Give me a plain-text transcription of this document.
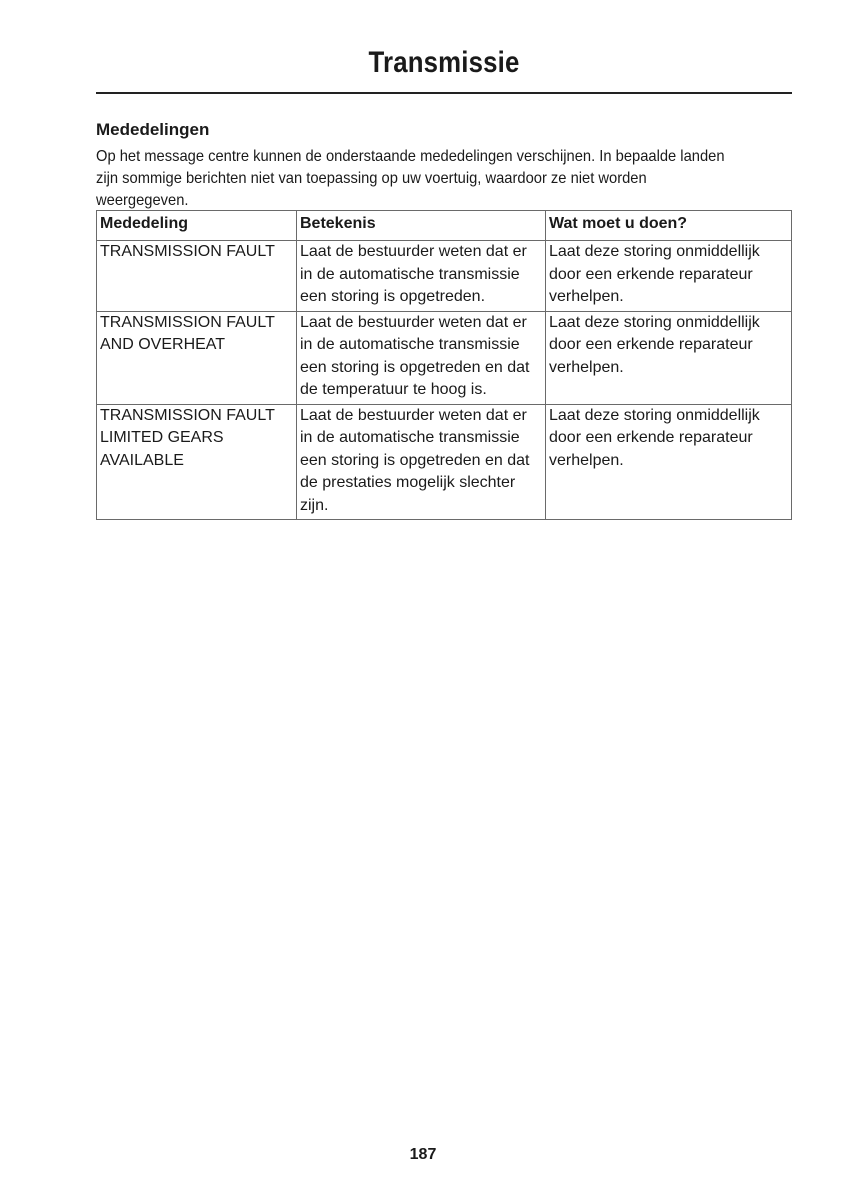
Transmissie
Mededelingen

Op het message centre kunnen de onderstaande mededelingen verschijnen. In bepaalde landen zijn sommige berichten niet van toepassing op uw voertuig, waardoor ze niet worden weergegeven.

Mededeling	Betekenis	Wat moet u doen?

TRANSMISSION FAULT	Laat de bestuurder weten dat er
in de automatische transmissie
een storing is opgetreden.	Laat deze storing onmiddellijk
door een erkende reparateur
verhelpen.

TRANSMISSION FAULT
AND OVERHEAT	Laat de bestuurder weten dat er
in de automatische transmissie
een storing is opgetreden en dat
de temperatuur te hoog is.	Laat deze storing onmiddellijk
door een erkende reparateur
verhelpen.

TRANSMISSION FAULT
LIMITED GEARS
AVAILABLE	Laat de bestuurder weten dat er
in de automatische transmissie
een storing is opgetreden en dat
de prestaties mogelijk slechter
zijn.	Laat deze storing onmiddellijk
door een erkende reparateur
verhelpen.
187
